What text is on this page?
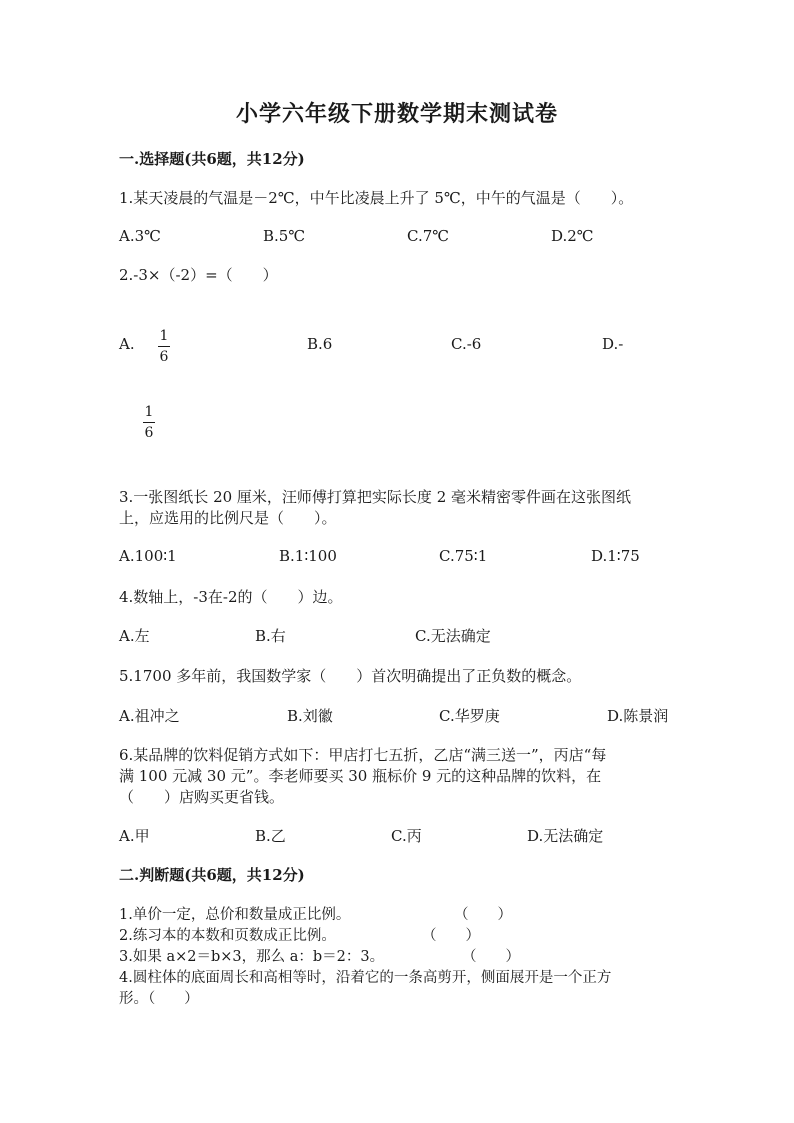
小学六年级下册数学期末测试卷
一.选择题(共6题，共12分)
1.某天凌晨的气温是－2℃，中午比凌晨上升了 5℃，中午的气温是（　　）。
A.3℃	B.5℃	C.7℃	D.2℃
2.-3×（-2）=（　　）
A. 1
6
B.6	C.-6	D.-
1
6
3.一张图纸长 20 厘米，汪师傅打算把实际长度 2 毫米精密零件画在这张图纸
上，应选用的比例尺是（　　）。
A.100∶1	B.1∶100	C.75∶1	D.1∶75
4.数轴上，-3在-2的（　　）边。
A.左	B.右	C.无法确定
5.1700 多年前，我国数学家（　　）首次明确提出了正负数的概念。
A.祖冲之	B.刘徽	C.华罗庚	D.陈景润
6.某品牌的饮料促销方式如下：甲店打七五折，乙店“满三送一”，丙店“每
满 100 元减 30 元”。李老师要买 30 瓶标价 9 元的这种品牌的饮料，在
（　　）店购买更省钱。
A.甲	B.乙	C.丙	D.无法确定
二.判断题(共6题，共12分)
1.单价一定，总价和数量成正比例。	（　　）
2.练习本的本数和页数成正比例。	（　　）
3.如果 a×2＝b×3，那么 a：b＝2：3。	（　　）
4.圆柱体的底面周长和高相等时，沿着它的一条高剪开，侧面展开是一个正方
形。（　　）
